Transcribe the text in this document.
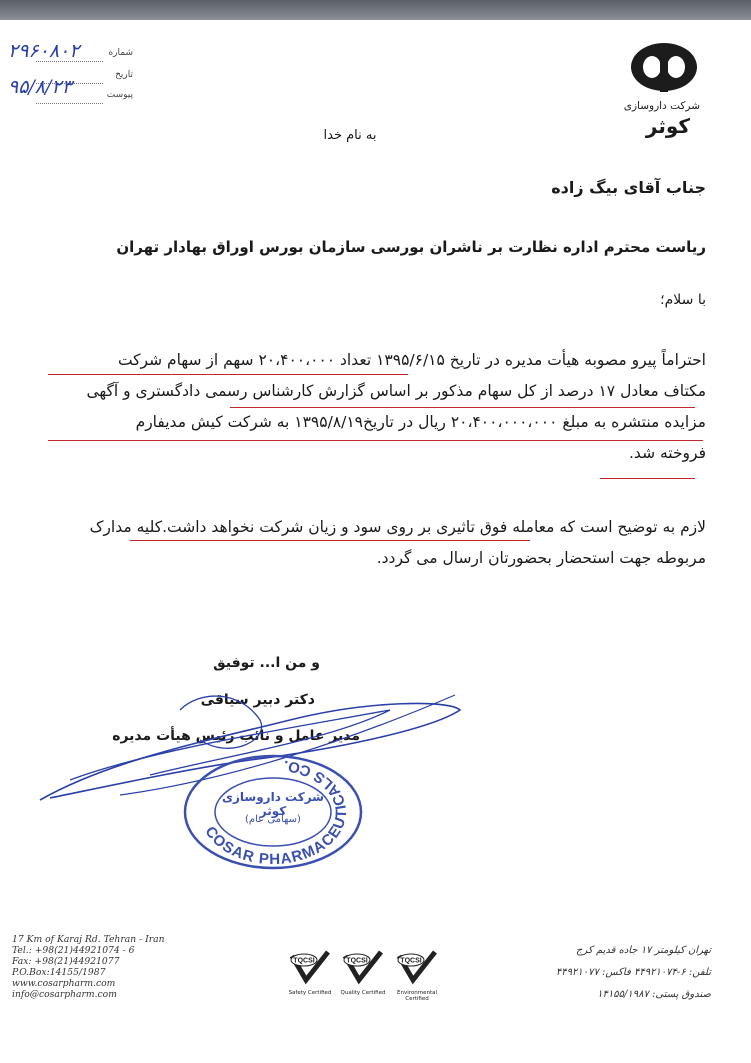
شرکت داروسازی
کوثر
شماره
۲۹۶۰۸۰۲
تاریخ
پیوست
۹۵/۸/۲۳
به نام خدا
جناب آقای بیگ زاده
ریاست محترم اداره نظارت بر ناشران بورسی سازمان بورس اوراق بهادار تهران
با سلام؛
احتراماً پیرو مصوبه هیأت مدیره در تاریخ ۱۳۹۵/۶/۱۵ تعداد ۲۰،۴۰۰،۰۰۰ سهم از سهام شرکت
مکتاف معادل ۱۷ درصد از کل سهام مذکور بر اساس گزارش کارشناس رسمی دادگستری و آگهی
مزایده منتشره به مبلغ ۲۰،۴۰۰،۰۰۰،۰۰۰ ریال در تاریخ۱۳۹۵/۸/۱۹ به شرکت کیش مدیفارم
فروخته شد.
لازم به توضیح است که معامله فوق تاثیری بر روی سود و زیان شرکت نخواهد داشت.کلیه مدارک
مربوطه جهت استحضار بحضورتان ارسال می گردد.
و من ا... توفیق
دکتر دبیر سیاقی
مدیر عامل و نائب رئیس هیأت مدیره
COSAR PHARMACEUTICALS CO.
شرکت داروسازی کوثر
(سهامی عام)
17 Km of Karaj Rd. Tehran - Iran
Tel.: +98(21)44921074 - 6
Fax: +98(21)44921077
P.O.Box:14155/1987
www.cosarpharm.com
info@cosarpharm.com
TQCSI
Safety Certified
TQCSI
Quality Certified
TQCSI
Environmental Certified
تهران کیلومتر ۱۷ جاده قدیم کرج
تلفن: ۶-۴۴۹۲۱۰۷۴ فاکس: ۴۴۹۲۱۰۷۷
صندوق پستی: ۱۴۱۵۵/۱۹۸۷
